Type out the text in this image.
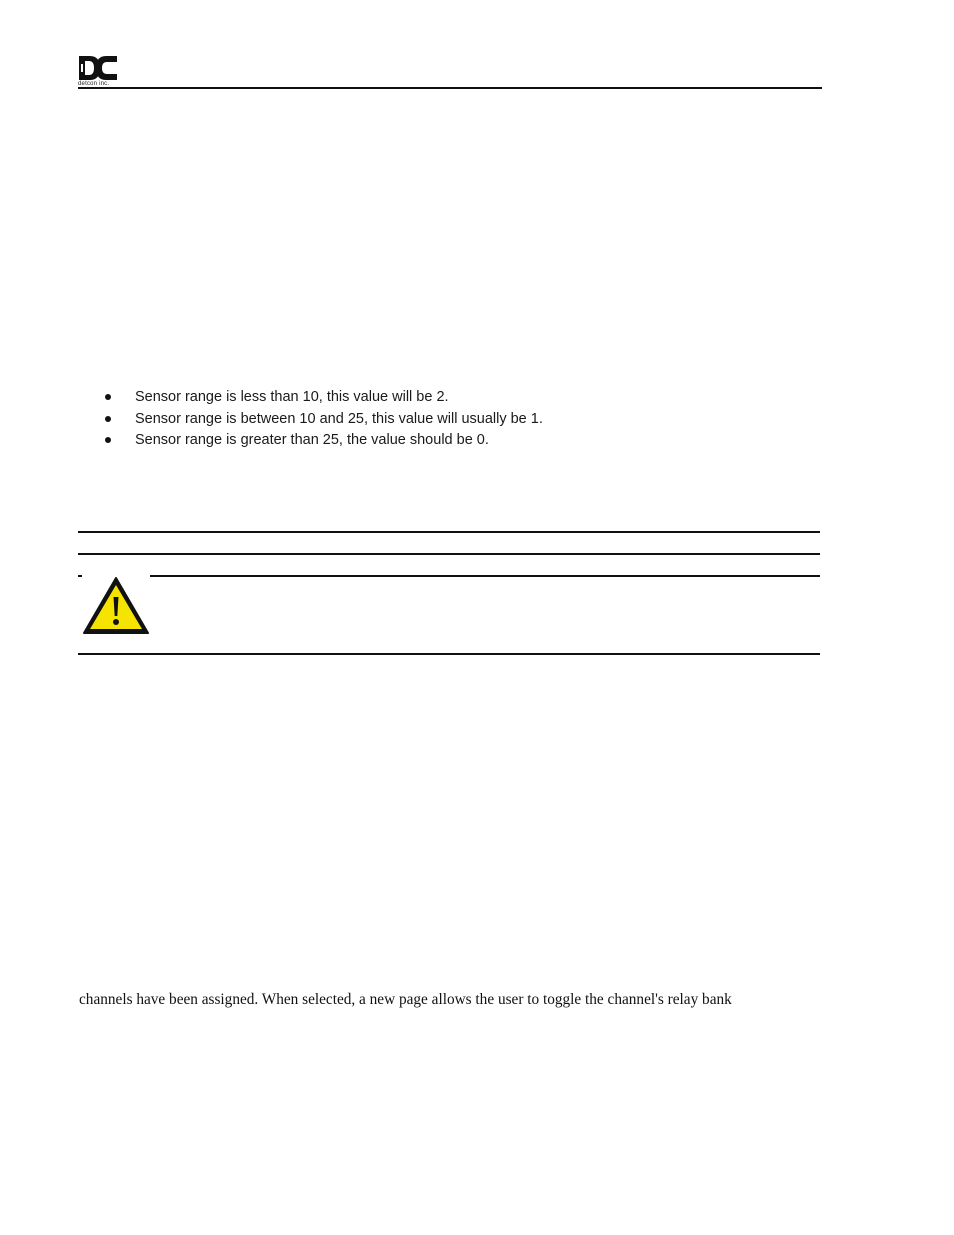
detcon inc.
Sensor range is less than 10, this value will be 2.
Sensor range is between 10 and 25, this value will usually be 1.
Sensor range is greater than 25, the value should be 0.
channels have been assigned. When selected, a new page allows the user to toggle the channel's relay bank
